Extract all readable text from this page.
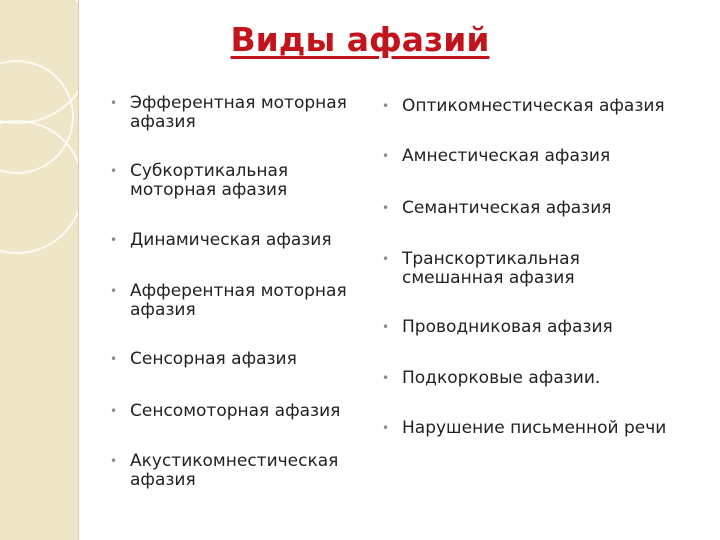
Виды афазий
• Эфферентная моторная афазия
• Субкортикальная моторная афазия
• Динамическая афазия
• Афферентная моторная афазия
• Сенсорная афазия
• Сенсомоторная афазия
• Акустикомнестическая афазия
• Оптикомнестическая афазия
• Амнестическая афазия
• Семантическая афазия
• Транскортикальная смешанная афазия
• Проводниковая афазия
• Подкорковые афазии.
• Нарушение письменной речи
